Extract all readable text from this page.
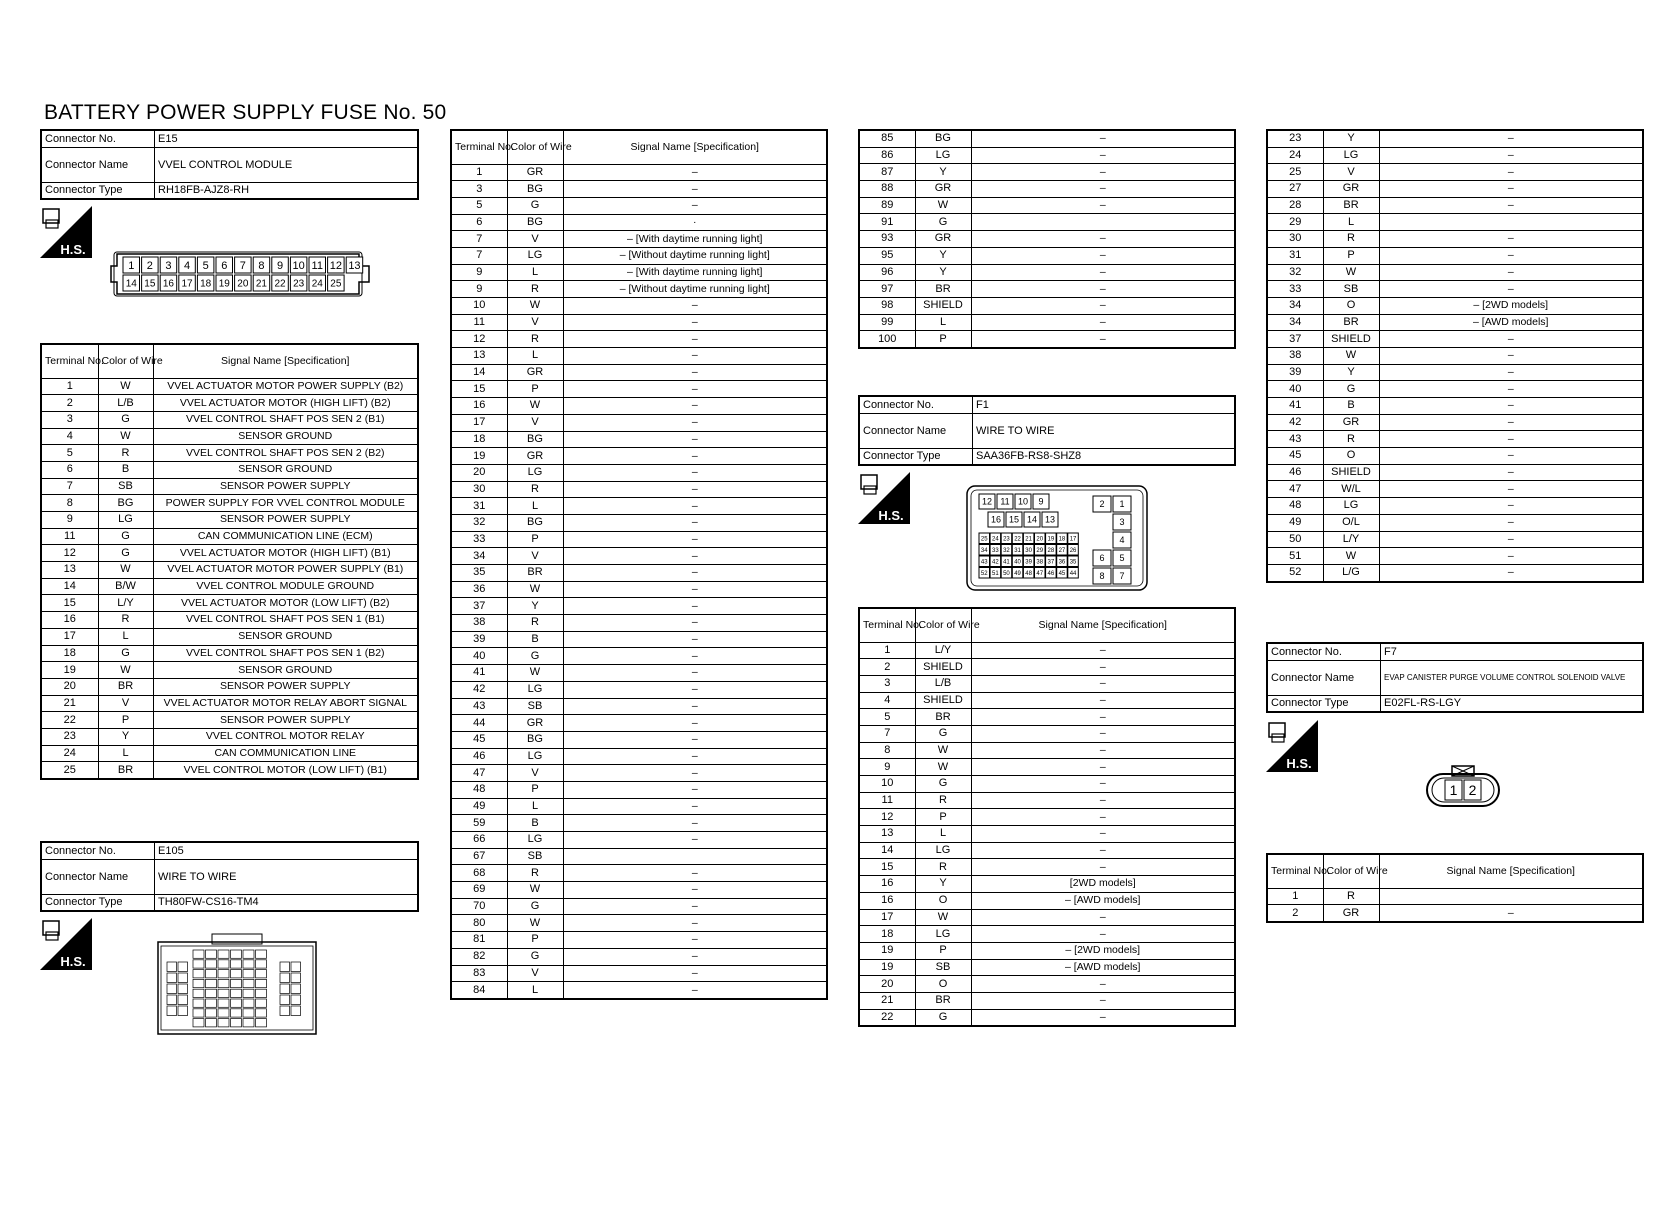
BATTERY POWER SUPPLY FUSE No. 50
Connector No.	E15
Connector Name	VVEL CONTROL MODULE
Connector Type	RH18FB-AJZ8-RH
H.S.
1 2 3 4 5 6 7 8 9 10 11 12 13
14 15 16 17 18 19 20 21 22 23 24 25
Terminal No.	Color of Wire	Signal Name [Specification]
1	W	VVEL ACTUATOR MOTOR POWER SUPPLY (B2)
2	L/B	VVEL ACTUATOR MOTOR (HIGH LIFT) (B2)
3	G	VVEL CONTROL SHAFT POS SEN 2 (B1)
4	W	SENSOR GROUND
5	R	VVEL CONTROL SHAFT POS SEN 2 (B2)
6	B	SENSOR GROUND
7	SB	SENSOR POWER SUPPLY
8	BG	POWER SUPPLY FOR VVEL CONTROL MODULE
9	LG	SENSOR POWER SUPPLY
11	G	CAN COMMUNICATION LINE (ECM)
12	G	VVEL ACTUATOR MOTOR (HIGH LIFT) (B1)
13	W	VVEL ACTUATOR MOTOR POWER SUPPLY (B1)
14	B/W	VVEL CONTROL MODULE GROUND
15	L/Y	VVEL ACTUATOR MOTOR (LOW LIFT) (B2)
16	R	VVEL CONTROL SHAFT POS SEN 1 (B1)
17	L	SENSOR GROUND
18	G	VVEL CONTROL SHAFT POS SEN 1 (B2)
19	W	SENSOR GROUND
20	BR	SENSOR POWER SUPPLY
21	V	VVEL ACTUATOR MOTOR RELAY ABORT SIGNAL
22	P	SENSOR POWER SUPPLY
23	Y	VVEL CONTROL MOTOR RELAY
24	L	CAN COMMUNICATION LINE
25	BR	VVEL CONTROL MOTOR (LOW LIFT) (B1)
Connector No.	E105
Connector Name	WIRE TO WIRE
Connector Type	TH80FW-CS16-TM4
H.S.
Terminal No.	Color of Wire	Signal Name [Specification]
1	GR	–
3	BG	–
5	G	–
6	BG	·
7	V	– [With daytime running light]
7	LG	– [Without daytime running light]
9	L	– [With daytime running light]
9	R	– [Without daytime running light]
10	W	–
11	V	–
12	R	–
13	L	–
14	GR	–
15	P	–
16	W	–
17	V	–
18	BG	–
19	GR	–
20	LG	–
30	R	–
31	L	–
32	BG	–
33	P	–
34	V	–
35	BR	–
36	W	–
37	Y	–
38	R	–
39	B	–
40	G	–
41	W	–
42	LG	–
43	SB	–
44	GR	–
45	BG	–
46	LG	–
47	V	–
48	P	–
49	L	–
59	B	–
66	LG	–
67	SB	
68	R	–
69	W	–
70	G	–
80	W	–
81	P	–
82	G	–
83	V	–
84	L	–
85	BG	–
86	LG	–
87	Y	–
88	GR	–
89	W	–
91	G	
93	GR	–
95	Y	–
96	Y	–
97	BR	–
98	SHIELD	–
99	L	–
100	P	–
Connector No.	F1
Connector Name	WIRE TO WIRE
Connector Type	SAA36FB-RS8-SHZ8
H.S.
12 11 10 9
16 15 14 13
25 24 23 22 21 20 19 18 17
34 33 32 31 30 29 28 27 26
43 42 41 40 39 38 37 36 35
52 51 50 49 48 47 46 45 44
2 1
3
4
6 5
8 7
Terminal No.	Color of Wire	Signal Name [Specification]
1	L/Y	–
2	SHIELD	–
3	L/B	–
4	SHIELD	–
5	BR	–
7	G	–
8	W	–
9	W	–
10	G	–
11	R	–
12	P	–
13	L	–
14	LG	–
15	R	–
16	Y	[2WD models]
16	O	– [AWD models]
17	W	–
18	LG	–
19	P	– [2WD models]
19	SB	– [AWD models]
20	O	–
21	BR	–
22	G	–
23	Y	–
24	LG	–
25	V	–
27	GR	–
28	BR	–
29	L	
30	R	–
31	P	–
32	W	–
33	SB	–
34	O	– [2WD models]
34	BR	– [AWD models]
37	SHIELD	–
38	W	–
39	Y	–
40	G	–
41	B	–
42	GR	–
43	R	–
45	O	–
46	SHIELD	–
47	W/L	–
48	LG	–
49	O/L	–
50	L/Y	–
51	W	–
52	L/G	–
Connector No.	F7
Connector Name	EVAP CANISTER PURGE VOLUME CONTROL SOLENOID VALVE
Connector Type	E02FL-RS-LGY
H.S.
1 2
Terminal No.	Color of Wire	Signal Name [Specification]
1	R	
2	GR	–
